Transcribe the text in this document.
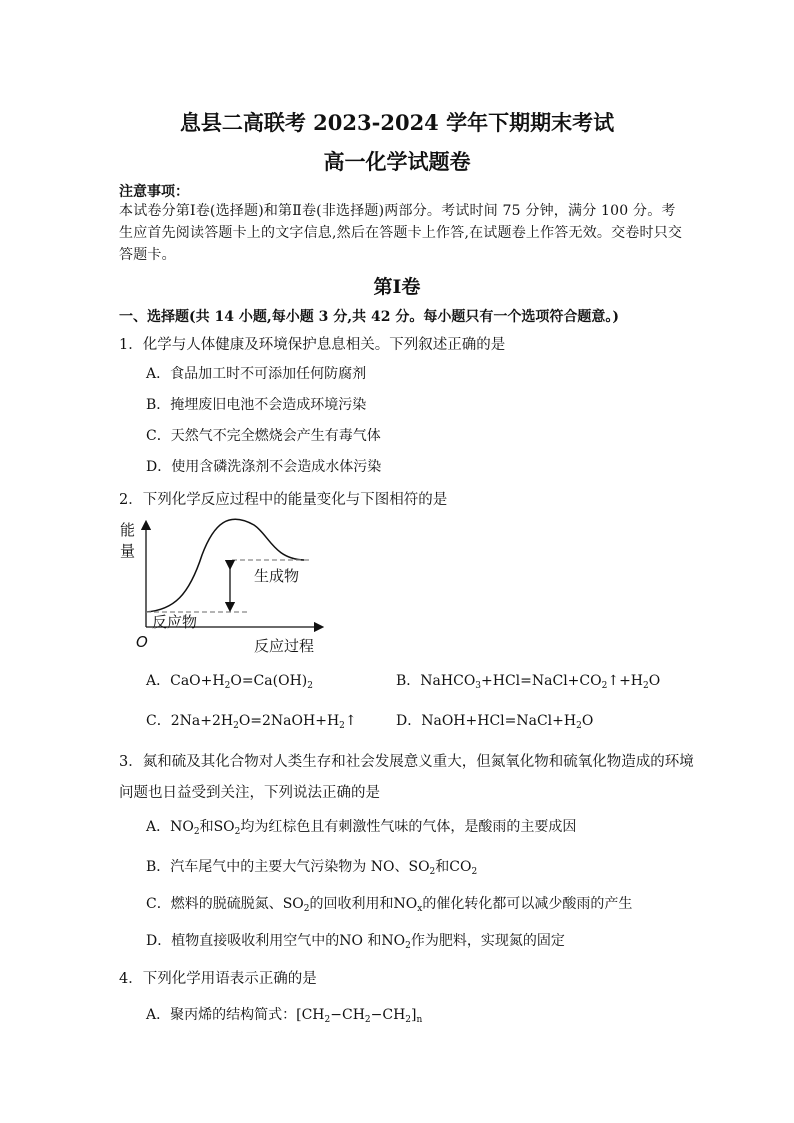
息县二高联考 2023-2024 学年下期期末考试
高一化学试题卷
注意事项：
本试卷分第Ⅰ卷(选择题)和第Ⅱ卷(非选择题)两部分。考试时间 75 分钟，满分 100 分。考生应首先阅读答题卡上的文字信息,然后在答题卡上作答,在试题卷上作答无效。交卷时只交答题卡。
第Ⅰ卷
一、选择题(共 14 小题,每小题 3 分,共 42 分。每小题只有一个选项符合题意。)
1．化学与人体健康及环境保护息息相关。下列叙述正确的是
A．食品加工时不可添加任何防腐剂
B．掩埋废旧电池不会造成环境污染
C．天然气不完全燃烧会产生有毒气体
D．使用含磷洗涤剂不会造成水体污染
2．下列化学反应过程中的能量变化与下图相符的是
能
量
O	反应过程
生成物
反应物
A．$CaO+H_2O=Ca(OH)_2$	B．$NaHCO_3+HCl=NaCl+CO_2↑+H_2O$
C．$2Na+2H_2O=2NaOH+H_2↑$	D．$NaOH+HCl=NaCl+H_2O$
3．氮和硫及其化合物对人类生存和社会发展意义重大，但氮氧化物和硫氧化物造成的环境
问题也日益受到关注，下列说法正确的是
A．$NO_2$和$SO_2$均为红棕色且有刺激性气味的气体，是酸雨的主要成因
B．汽车尾气中的主要大气污染物为 NO、$SO_2$和$CO_2$
C．燃料的脱硫脱氮、$SO_2$的回收利用和$NO_x$的催化转化都可以减少酸雨的产生
D．植物直接吸收利用空气中的NO 和$NO_2$作为肥料，实现氮的固定
4．下列化学用语表示正确的是
A．聚丙烯的结构简式：$[CH_2-CH_2-CH_2]_n$
